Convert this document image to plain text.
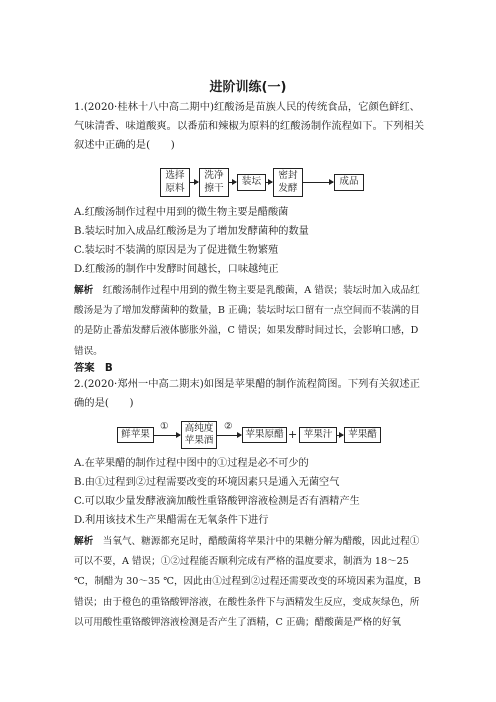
进阶训练(一)
1.(2020·桂林十八中高二期中)红酸汤是苗族人民的传统食品，它颜色鲜红、气味清香、味道酸爽。以番茄和辣椒为原料的红酸汤制作流程如下。下列相关叙述中正确的是(　　)
选择
原料
洗净
擦干
装坛
密封
发酵
成品
A.红酸汤制作过程中用到的微生物主要是醋酸菌
B.装坛时加入成品红酸汤是为了增加发酵菌种的数量
C.装坛时不装满的原因是为了促进微生物繁殖
D.红酸汤的制作中发酵时间越长，口味越纯正
解析　红酸汤制作过程中用到的微生物主要是乳酸菌，A 错误；装坛时加入成品红酸汤是为了增加发酵菌种的数量，B 正确；装坛时坛口留有一点空间而不装满的目的是防止番茄发酵后液体膨胀外溢，C 错误；如果发酵时间过长，会影响口感，D 错误。
答案　B
2.(2020·郑州一中高二期末)如图是苹果醋的制作流程简图。下列有关叙述正确的是(　　)
鲜苹果
① 高纯度
苹果酒
②
苹果原醋 + 苹果汁 苹果醋
A.在苹果醋的制作过程中图中的①过程是必不可少的
B.由①过程到②过程需要改变的环境因素只是通入无菌空气
C.可以取少量发酵液滴加酸性重铬酸钾溶液检测是否有酒精产生
D.利用该技术生产果醋需在无氧条件下进行
解析　当氧气、糖源都充足时，醋酸菌将苹果汁中的果糖分解为醋酸，因此过程①可以不要，A 错误；①②过程能否顺利完成有严格的温度要求，制酒为 18～25 ℃，制醋为 30～35 ℃，因此由①过程到②过程还需要改变的环境因素为温度，B 错误；由于橙色的重铬酸钾溶液，在酸性条件下与酒精发生反应，变成灰绿色，所以可用酸性重铬酸钾溶液检测是否产生了酒精，C 正确；醋酸菌是严格的好氧
